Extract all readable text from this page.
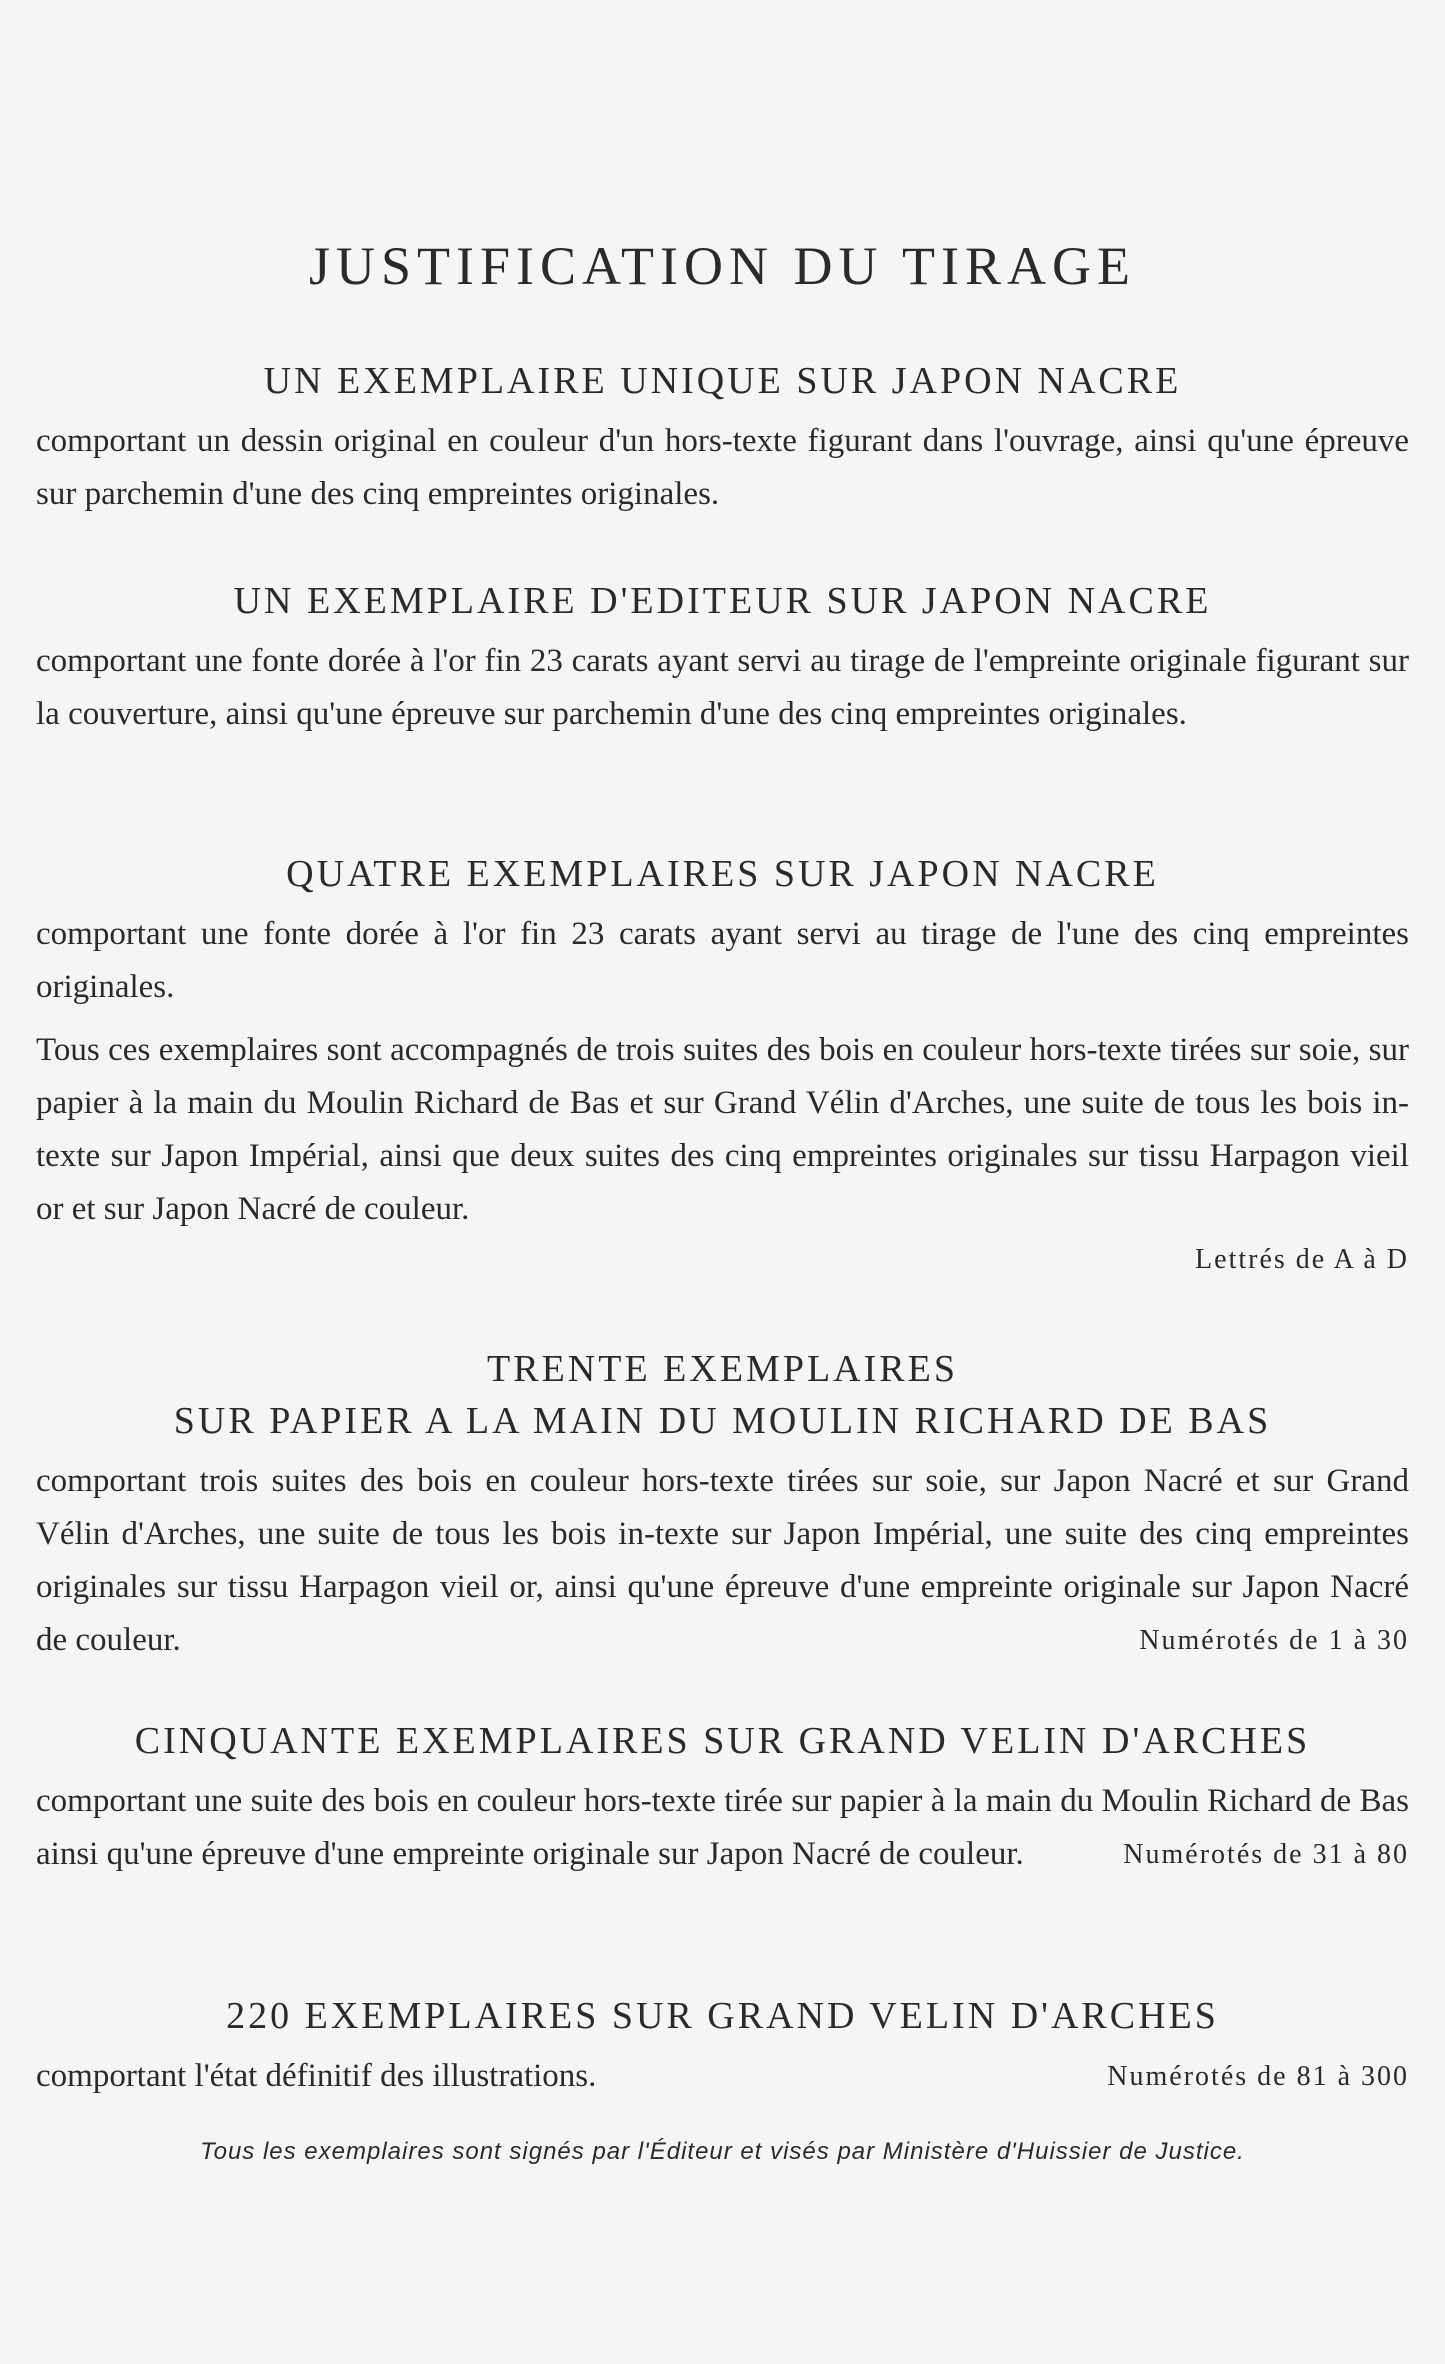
JUSTIFICATION DU TIRAGE

UN EXEMPLAIRE UNIQUE SUR JAPON NACRE

comportant un dessin original en couleur d'un hors-texte figurant dans l'ouvrage, ainsi qu'une épreuve sur parchemin d'une des cinq empreintes originales.

UN EXEMPLAIRE D'EDITEUR SUR JAPON NACRE

comportant une fonte dorée à l'or fin 23 carats ayant servi au tirage de l'empreinte originale figurant sur la couverture, ainsi qu'une épreuve sur parchemin d'une des cinq empreintes originales.

QUATRE EXEMPLAIRES SUR JAPON NACRE

comportant une fonte dorée à l'or fin 23 carats ayant servi au tirage de l'une des cinq empreintes originales.

Tous ces exemplaires sont accompagnés de trois suites des bois en couleur hors-texte tirées sur soie, sur papier à la main du Moulin Richard de Bas et sur Grand Vélin d'Arches, une suite de tous les bois in-texte sur Japon Impérial, ainsi que deux suites des cinq empreintes originales sur tissu Harpagon vieil or et sur Japon Nacré de couleur.

Lettrés de A à D

TRENTE EXEMPLAIRES

SUR PAPIER A LA MAIN DU MOULIN RICHARD DE BAS

Numérotés de 1 à 30
comportant trois suites des bois en couleur hors-texte tirées sur soie, sur Japon Nacré et sur Grand Vélin d'Arches, une suite de tous les bois in-texte sur Japon Impérial, une suite des cinq empreintes originales sur tissu Harpagon vieil or, ainsi qu'une épreuve d'une empreinte originale sur Japon Nacré de couleur.

CINQUANTE EXEMPLAIRES SUR GRAND VELIN D'ARCHES

comportant une suite des bois en couleur hors-texte tirée sur papier à la main du Moulin Richard de Bas ainsi qu'une épreuve d'une empreinte originale sur Japon Nacré de couleur.	Numérotés de 31 à 80

220 EXEMPLAIRES SUR GRAND VELIN D'ARCHES

comportant l'état définitif des illustrations.	Numérotés de 81 à 300

Tous les exemplaires sont signés par l'Éditeur et visés par Ministère d'Huissier de Justice.
